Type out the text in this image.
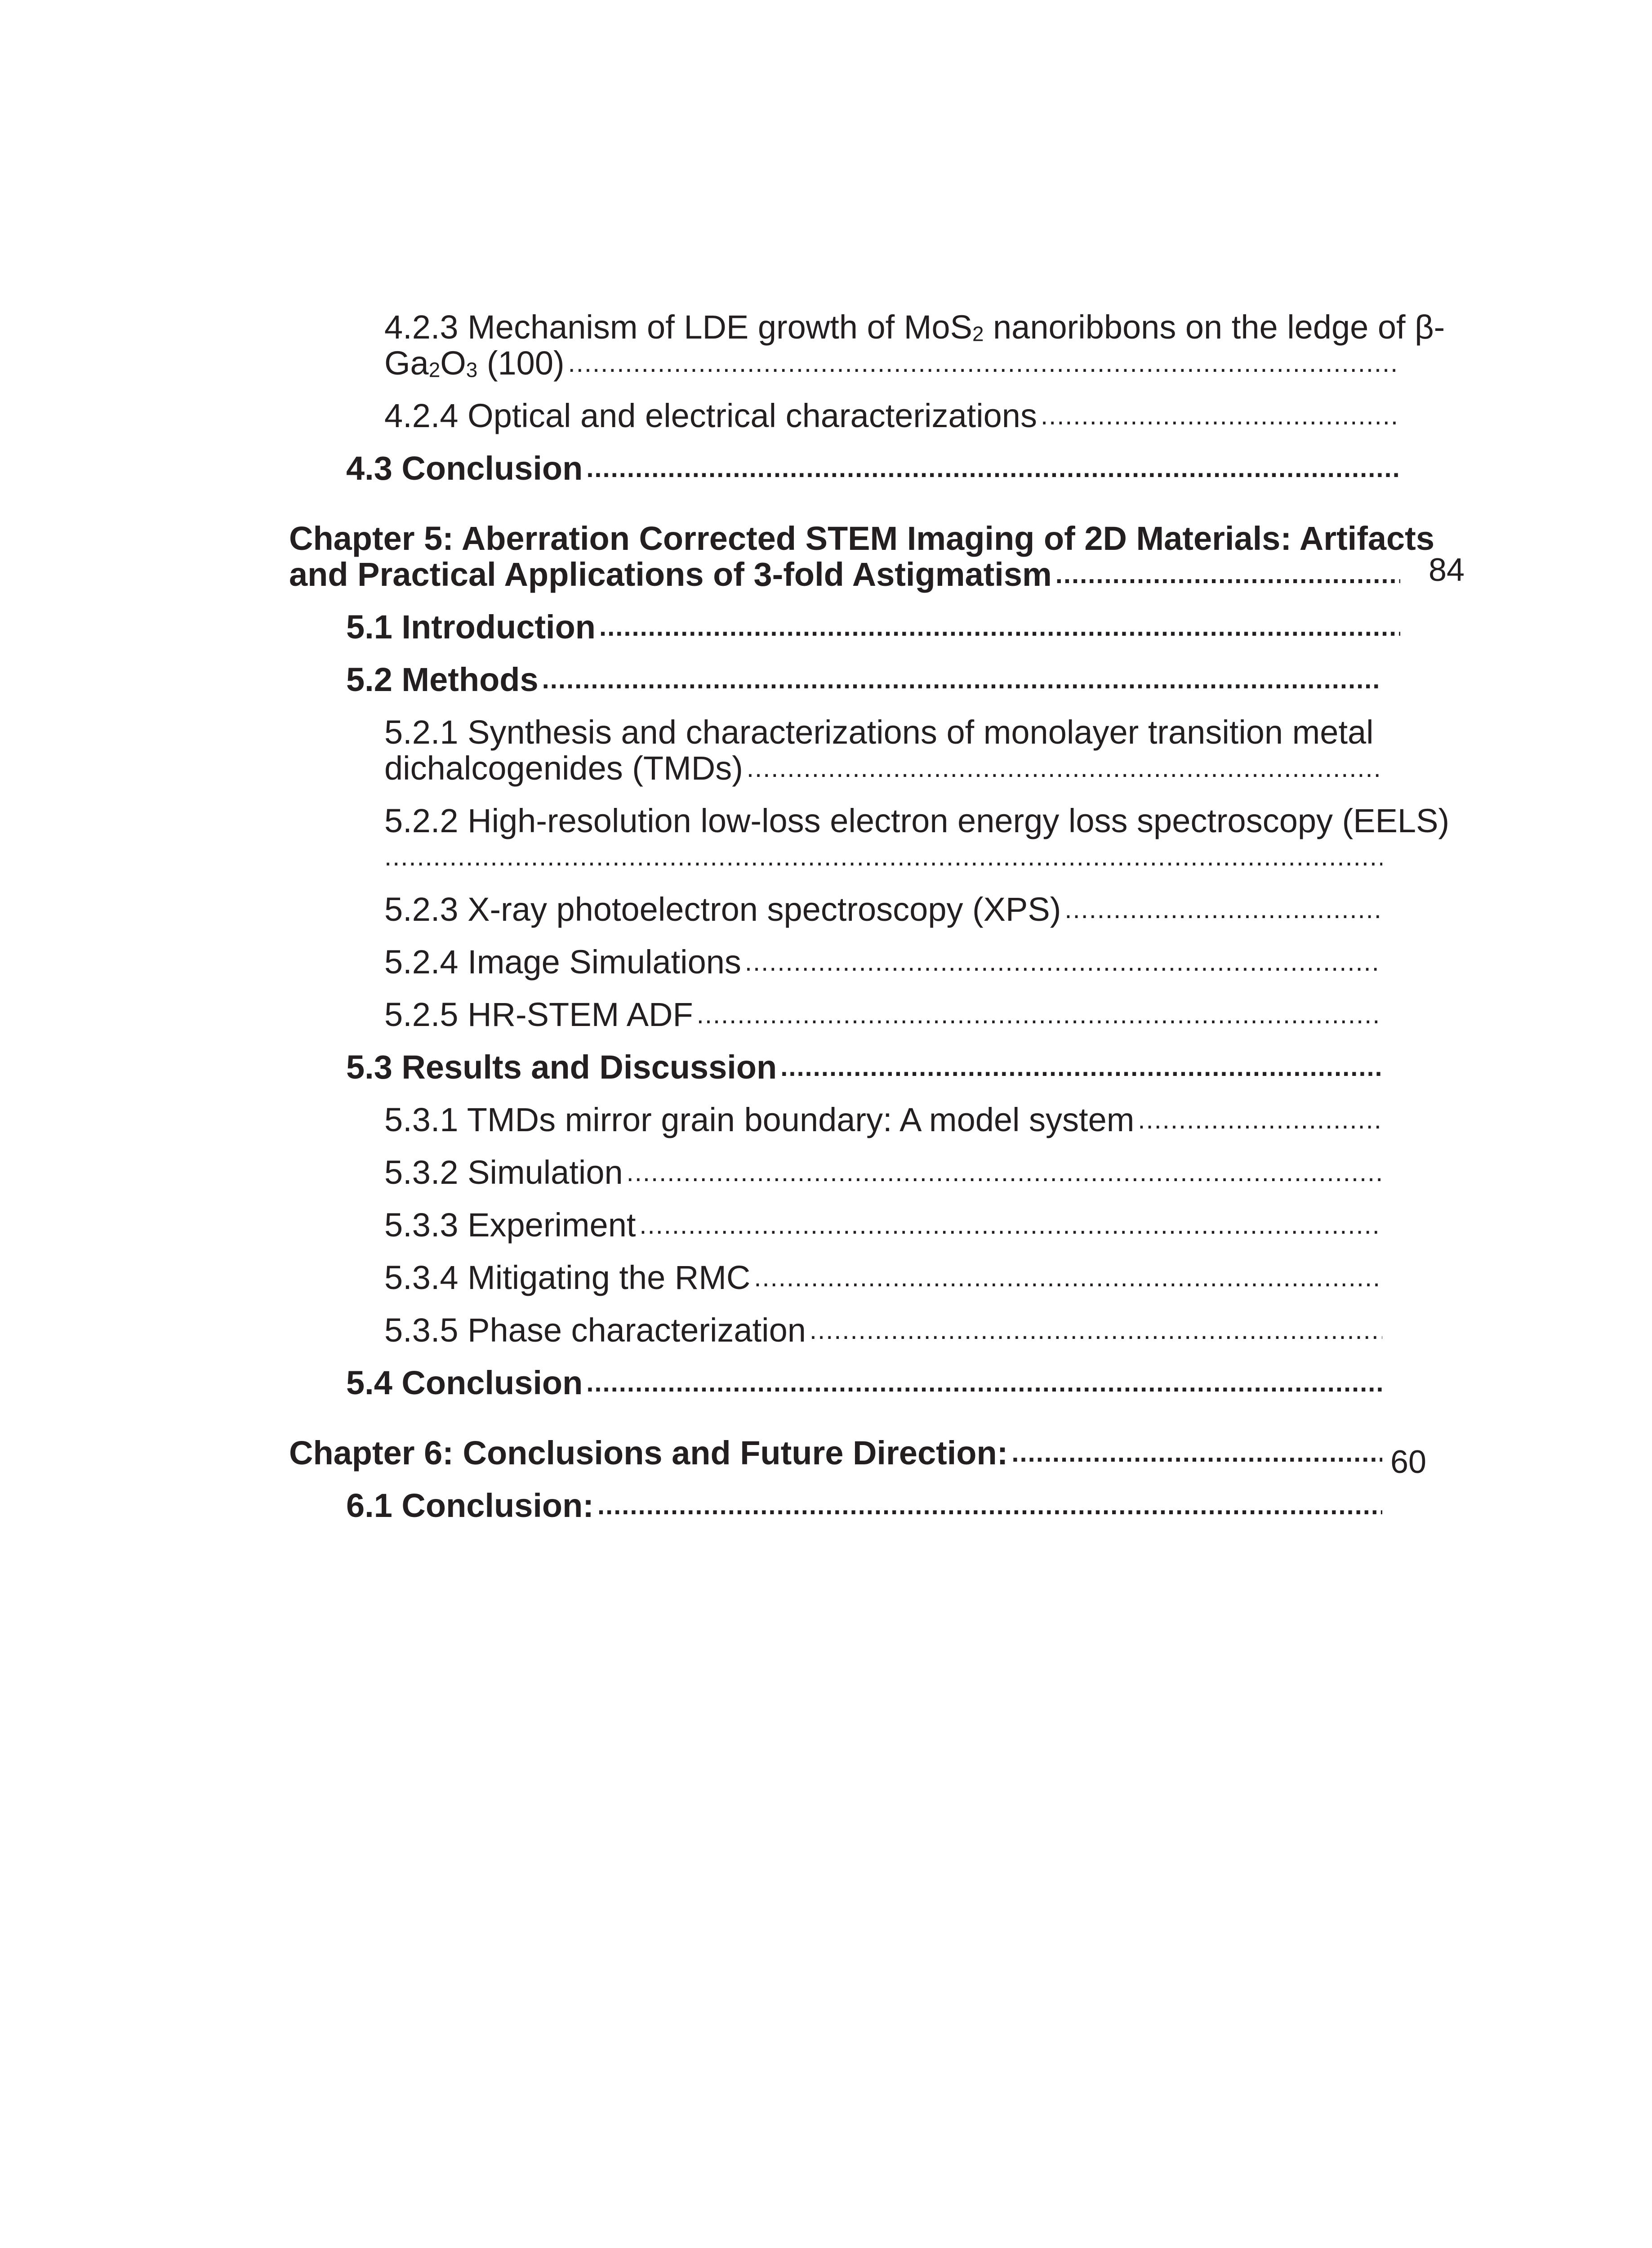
4.2.3 Mechanism of LDE growth of MoS$_2$ nanoribbons on the ledge of β-
$Ga_2O_3$ (100)
.....
4.2.4 Optical and electrical characterizations
.....
4.3 Conclusion
.....
Chapter 5: Aberration Corrected STEM Imaging of 2D Materials: Artifacts
and Practical Applications of 3-fold Astigmatism .....	84
5.1 Introduction
.....
5.2 Methods
.....
5.2.1 Synthesis and characterizations of monolayer transition metal
dichalcogenides (TMDs)
.....
5.2.2 High-resolution low-loss electron energy loss spectroscopy (EELS)
.....
5.2.3 X-ray photoelectron spectroscopy (XPS)
.....
5.2.4 Image Simulations
.....
5.2.5 HR-STEM ADF
.....
5.3 Results and Discussion
.....
5.3.1 TMDs mirror grain boundary: A model system
.....
5.3.2 Simulation
.....
5.3.3 Experiment
.....
5.3.4 Mitigating the RMC
.....
5.3.5 Phase characterization
.....
5.4 Conclusion
.....
Chapter 6: Conclusions and Future Direction: .....	60
6.1 Conclusion:
.....
